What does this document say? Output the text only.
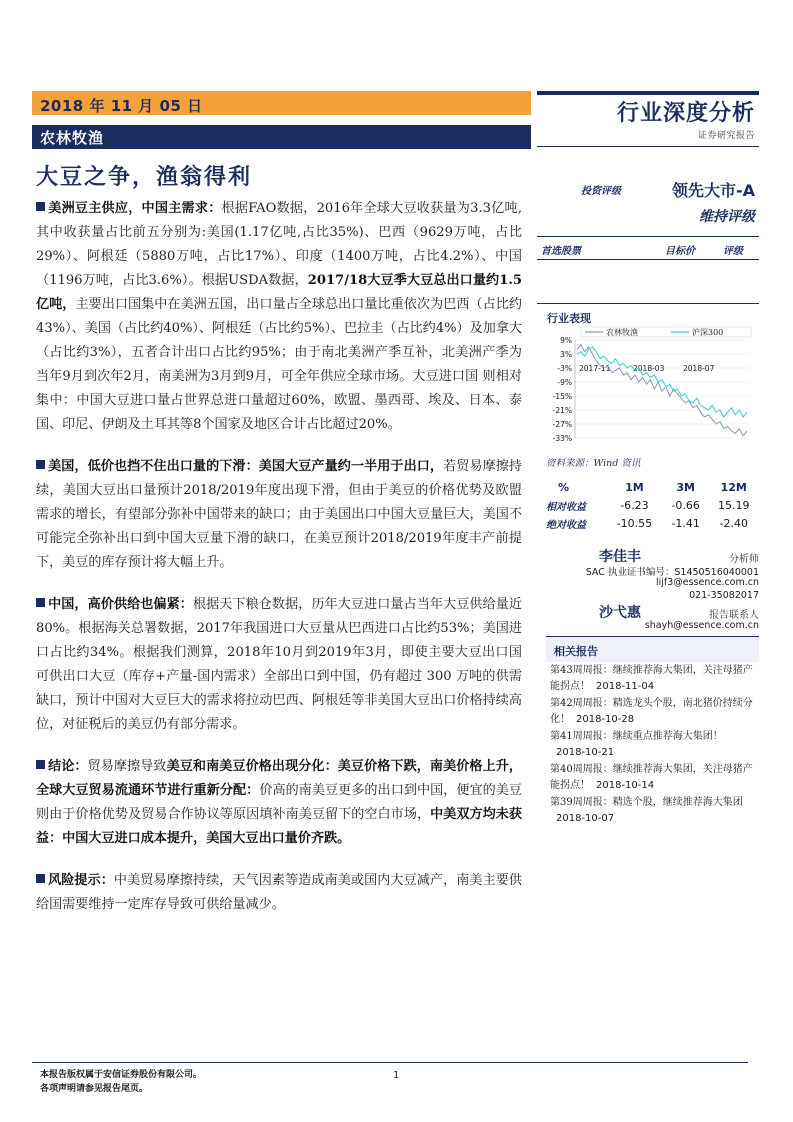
2018 年 11 月 05 日
农林牧渔
行业深度分析
证券研究报告
大豆之争，渔翁得利
美洲豆主供应，中国主需求：根据FAO数据，2016年全球大豆收获量为3.3亿吨,其中收获量占比前五分别为:美国(1.17亿吨,占比35%)、巴西（9629万吨，占比29%）、阿根廷（5880万吨，占比17%）、印度（1400万吨，占比4.2%）、中国（1196万吨，占比3.6%）。根据USDA数据，2017/18大豆季大豆总出口量约1.5亿吨，主要出口国集中在美洲五国，出口量占全球总出口量比重依次为巴西（占比约43%）、美国（占比约40%）、阿根廷（占比约5%）、巴拉圭（占比约4%）及加拿大（占比约3%），五者合计出口占比约95%；由于南北美洲产季互补，北美洲产季为当年9月到次年2月，南美洲为3月到9月，可全年供应全球市场。大豆进口国 则相对集中：中国大豆进口量占世界总进口量超过60%，欧盟、墨西哥、埃及、日本、泰国、印尼、伊朗及土耳其等8个国家及地区合计占比超过20%。
美国，低价也挡不住出口量的下滑：美国大豆产量约一半用于出口，若贸易摩擦持续，美国大豆出口量预计2018/2019年度出现下滑，但由于美豆的价格优势及欧盟需求的增长，有望部分弥补中国带来的缺口；由于美国出口中国大豆量巨大，美国不可能完全弥补出口到中国大豆量下滑的缺口，在美豆预计2018/2019年度丰产前提下，美豆的库存预计将大幅上升。
中国，高价供给也偏紧：根据天下粮仓数据，历年大豆进口量占当年大豆供给量近80%。根据海关总署数据，2017年我国进口大豆量从巴西进口占比约53%；美国进口占比约34%。根据我们测算，2018年10月到2019年3月，即使主要大豆出口国可供出口大豆（库存+产量-国内需求）全部出口到中国，仍有超过 300 万吨的供需缺口，预计中国对大豆巨大的需求将拉动巴西、阿根廷等非美国大豆出口价格持续高位，对征税后的美豆仍有部分需求。
结论：贸易摩擦导致美豆和南美豆价格出现分化：美豆价格下跌，南美价格上升，全球大豆贸易流通环节进行重新分配：价高的南美豆更多的出口到中国，便宜的美豆则由于价格优势及贸易合作协议等原因填补南美豆留下的空白市场，中美双方均未获益：中国大豆进口成本提升，美国大豆出口量价齐跌。
风险提示：中美贸易摩擦持续，天气因素等造成南美或国内大豆减产，南美主要供给国需要维持一定库存导致可供给量减少。
投资评级	领先大市-A
维持评级
首选股票	目标价	评级
行业表现
9%
3%
-3%
-9%
-15%
-21%
-27%
-33%
2017-11	2018-03 2018-07
农林牧渔	沪深300
资料来源：Wind 资讯
%	1M	3M	12M
相对收益	-6.23	-0.66	15.19
绝对收益	-10.55	-1.41	-2.40
李佳丰	分析师
SAC 执业证书编号：S1450516040001
lijf3@essence.com.cn
021-35082017
沙弋惠	报告联系人
shayh@essence.com.cn
相关报告
第43周周报：继续推荐海大集团，关注母猪产能拐点！ 2018-11-04
第42周周报：精选龙头个股，南北猪价持续分化！ 2018-10-28
第41周周报：继续重点推荐海大集团！2018-10-21
第40周周报：继续推荐海大集团，关注母猪产能拐点！ 2018-10-14
第39周周报：精选个股，继续推荐海大集团2018-10-07
本报告版权属于安信证券股份有限公司。
各项声明请参见报告尾页。
1
